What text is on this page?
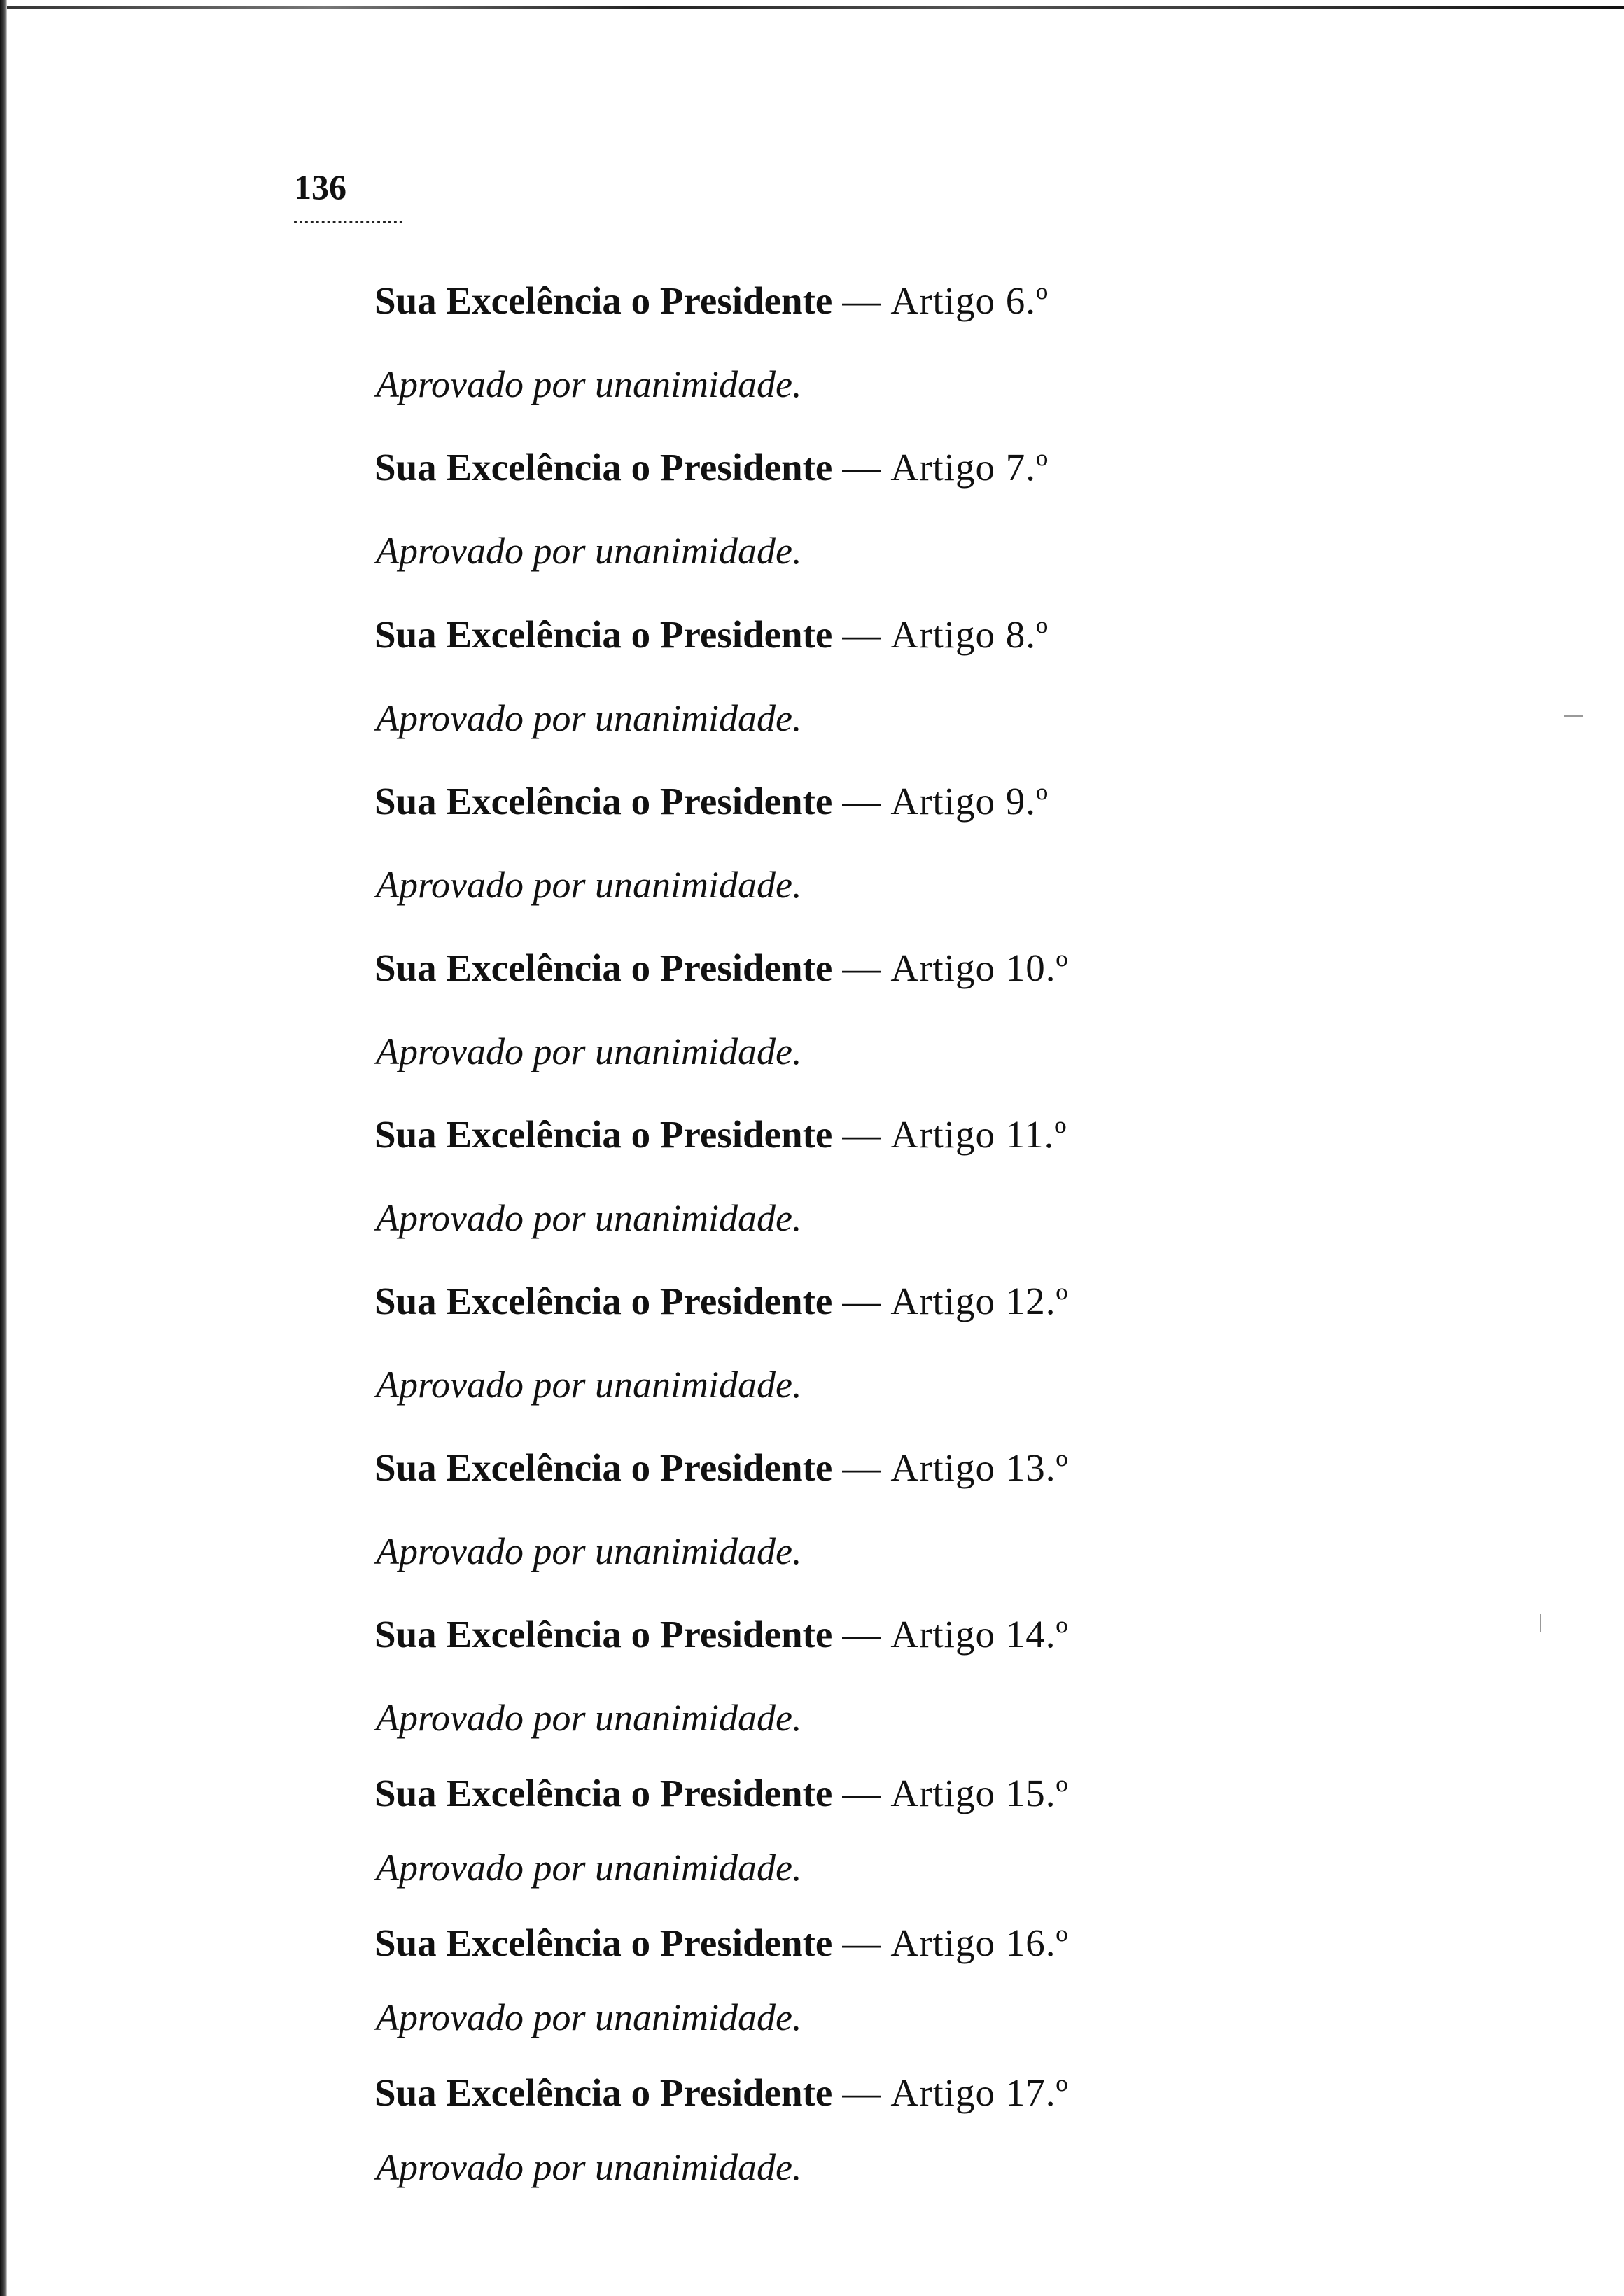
136
Sua Excelência o Presidente — Artigo 6.º
Aprovado por unanimidade.
Sua Excelência o Presidente — Artigo 7.º
Aprovado por unanimidade.
Sua Excelência o Presidente — Artigo 8.º
Aprovado por unanimidade.
Sua Excelência o Presidente — Artigo 9.º
Aprovado por unanimidade.
Sua Excelência o Presidente — Artigo 10.º
Aprovado por unanimidade.
Sua Excelência o Presidente — Artigo 11.º
Aprovado por unanimidade.
Sua Excelência o Presidente — Artigo 12.º
Aprovado por unanimidade.
Sua Excelência o Presidente — Artigo 13.º
Aprovado por unanimidade.
Sua Excelência o Presidente — Artigo 14.º
Aprovado por unanimidade.
Sua Excelência o Presidente — Artigo 15.º
Aprovado por unanimidade.
Sua Excelência o Presidente — Artigo 16.º
Aprovado por unanimidade.
Sua Excelência o Presidente — Artigo 17.º
Aprovado por unanimidade.
